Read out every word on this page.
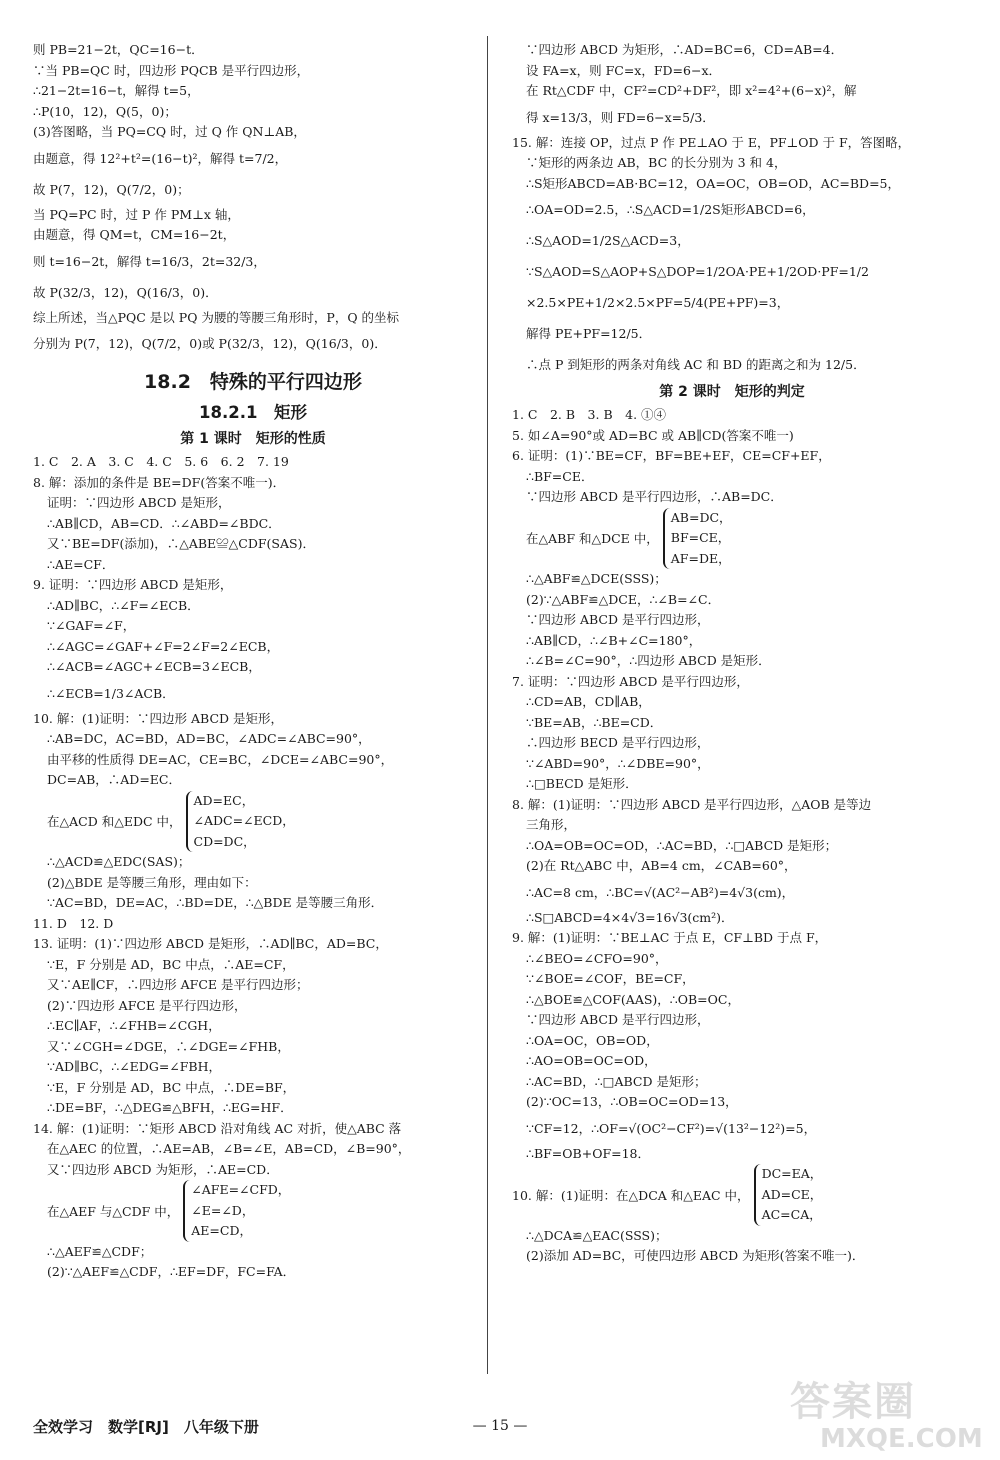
则 PB=21−2t，QC=16−t．
∵当 PB=QC 时，四边形 PQCB 是平行四边形，
∴21−2t=16−t，解得 t=5，
∴P(10，12)，Q(5，0)；
(3)答图略，当 PQ=CQ 时，过 Q 作 QN⊥AB，
由题意，得 12²+t²=(16−t)²，解得 t=7/2，
故 P(7，12)，Q(7/2，0)；
当 PQ=PC 时，过 P 作 PM⊥x 轴，
由题意，得 QM=t，CM=16−2t，
则 t=16−2t，解得 t=16/3，2t=32/3，
故 P(32/3，12)，Q(16/3，0)．
综上所述，当△PQC 是以 PQ 为腰的等腰三角形时，P，Q 的坐标
分别为 P(7，12)，Q(7/2，0)或 P(32/3，12)，Q(16/3，0)．
18.2　特殊的平行四边形
18.2.1　矩形
第 1 课时　矩形的性质
1. C　2. A　3. C　4. C　5. 6　6. 2　7. 19
8. 解：添加的条件是 BE=DF(答案不唯一)．
证明：∵四边形 ABCD 是矩形，
∴AB∥CD，AB=CD．∴∠ABD=∠BDC．
又∵BE=DF(添加)，∴△ABE≌△CDF(SAS)．
∴AE=CF．
9. 证明：∵四边形 ABCD 是矩形，
∴AD∥BC，∴∠F=∠ECB．
∵∠GAF=∠F，
∴∠AGC=∠GAF+∠F=2∠F=2∠ECB，
∴∠ACB=∠AGC+∠ECB=3∠ECB，
∴∠ECB=1/3∠ACB．
10. 解：(1)证明：∵四边形 ABCD 是矩形，
∴AB=DC，AC=BD，AD=BC，∠ADC=∠ABC=90°，
由平移的性质得 DE=AC，CE=BC，∠DCE=∠ABC=90°，
DC=AB，∴AD=EC．
在△ACD 和△EDC 中，
AD=EC，
∠ADC=∠ECD，
CD=DC，
∴△ACD≌△EDC(SAS)；
(2)△BDE 是等腰三角形，理由如下：
∵AC=BD，DE=AC，∴BD=DE，∴△BDE 是等腰三角形．
11. D　12. D
13. 证明：(1)∵四边形 ABCD 是矩形，∴AD∥BC，AD=BC，
∵E，F 分别是 AD，BC 中点，∴AE=CF，
又∵AE∥CF，∴四边形 AFCE 是平行四边形；
(2)∵四边形 AFCE 是平行四边形，
∴EC∥AF，∴∠FHB=∠CGH，
又∵∠CGH=∠DGE，∴∠DGE=∠FHB，
∵AD∥BC，∴∠EDG=∠FBH，
∵E，F 分别是 AD，BC 中点，∴DE=BF，
∴DE=BF，∴△DEG≌△BFH，∴EG=HF．
14. 解：(1)证明：∵矩形 ABCD 沿对角线 AC 对折，使△ABC 落
在△AEC 的位置，∴AE=AB，∠B=∠E，AB=CD，∠B=90°，
又∵四边形 ABCD 为矩形，∴AE=CD．
在△AEF 与△CDF 中，
∠AFE=∠CFD，
∠E=∠D，
AE=CD，
∴△AEF≌△CDF；
(2)∵△AEF≌△CDF，∴EF=DF，FC=FA．
∵四边形 ABCD 为矩形，∴AD=BC=6，CD=AB=4．
设 FA=x，则 FC=x，FD=6−x．
在 Rt△CDF 中，CF²=CD²+DF²，即 x²=4²+(6−x)²，解
得 x=13/3，则 FD=6−x=5/3．
15. 解：连接 OP，过点 P 作 PE⊥AO 于 E，PF⊥OD 于 F，答图略，
∵矩形的两条边 AB，BC 的长分别为 3 和 4，
∴S矩形ABCD=AB·BC=12，OA=OC，OB=OD，AC=BD=5，
∴OA=OD=2.5，∴S△ACD=1/2S矩形ABCD=6，
∴S△AOD=1/2S△ACD=3，
∵S△AOD=S△AOP+S△DOP=1/2OA·PE+1/2OD·PF=1/2
×2.5×PE+1/2×2.5×PF=5/4(PE+PF)=3，
解得 PE+PF=12/5．
∴点 P 到矩形的两条对角线 AC 和 BD 的距离之和为 12/5．
第 2 课时　矩形的判定
1. C　2. B　3. B　4. ①④
5. 如∠A=90°或 AD=BC 或 AB∥CD(答案不唯一)
6. 证明：(1)∵BE=CF，BF=BE+EF，CE=CF+EF，
∴BF=CE．
∵四边形 ABCD 是平行四边形，∴AB=DC．
在△ABF 和△DCE 中，
AB=DC，
BF=CE，
AF=DE，
∴△ABF≌△DCE(SSS)；
(2)∵△ABF≌△DCE，∴∠B=∠C．
∵四边形 ABCD 是平行四边形，
∴AB∥CD，∴∠B+∠C=180°，
∴∠B=∠C=90°，∴四边形 ABCD 是矩形．
7. 证明：∵四边形 ABCD 是平行四边形，
∴CD=AB，CD∥AB，
∵BE=AB，∴BE=CD．
∴四边形 BECD 是平行四边形，
∵∠ABD=90°，∴∠DBE=90°，
∴□BECD 是矩形．
8. 解：(1)证明：∵四边形 ABCD 是平行四边形，△AOB 是等边
三角形，
∴OA=OB=OC=OD，∴AC=BD，∴□ABCD 是矩形；
(2)在 Rt△ABC 中，AB=4 cm，∠CAB=60°，
∴AC=8 cm，∴BC=√(AC²−AB²)=4√3(cm)，
∴S□ABCD=4×4√3=16√3(cm²)．
9. 解：(1)证明：∵BE⊥AC 于点 E，CF⊥BD 于点 F，
∴∠BEO=∠CFO=90°，
∵∠BOE=∠COF，BE=CF，
∴△BOE≌△COF(AAS)，∴OB=OC，
∵四边形 ABCD 是平行四边形，
∴OA=OC，OB=OD，
∴AO=OB=OC=OD，
∴AC=BD，∴□ABCD 是矩形；
(2)∵OC=13，∴OB=OC=OD=13，
∵CF=12，∴OF=√(OC²−CF²)=√(13²−12²)=5，
∴BF=OB+OF=18．
10. 解：(1)证明：在△DCA 和△EAC 中，
DC=EA，
AD=CE，
AC=CA，
∴△DCA≌△EAC(SSS)；
(2)添加 AD=BC，可使四边形 ABCD 为矩形(答案不唯一)．
全效学习　数学[RJ]　八年级下册	— 15 —
答案圈
MXQE.COM
